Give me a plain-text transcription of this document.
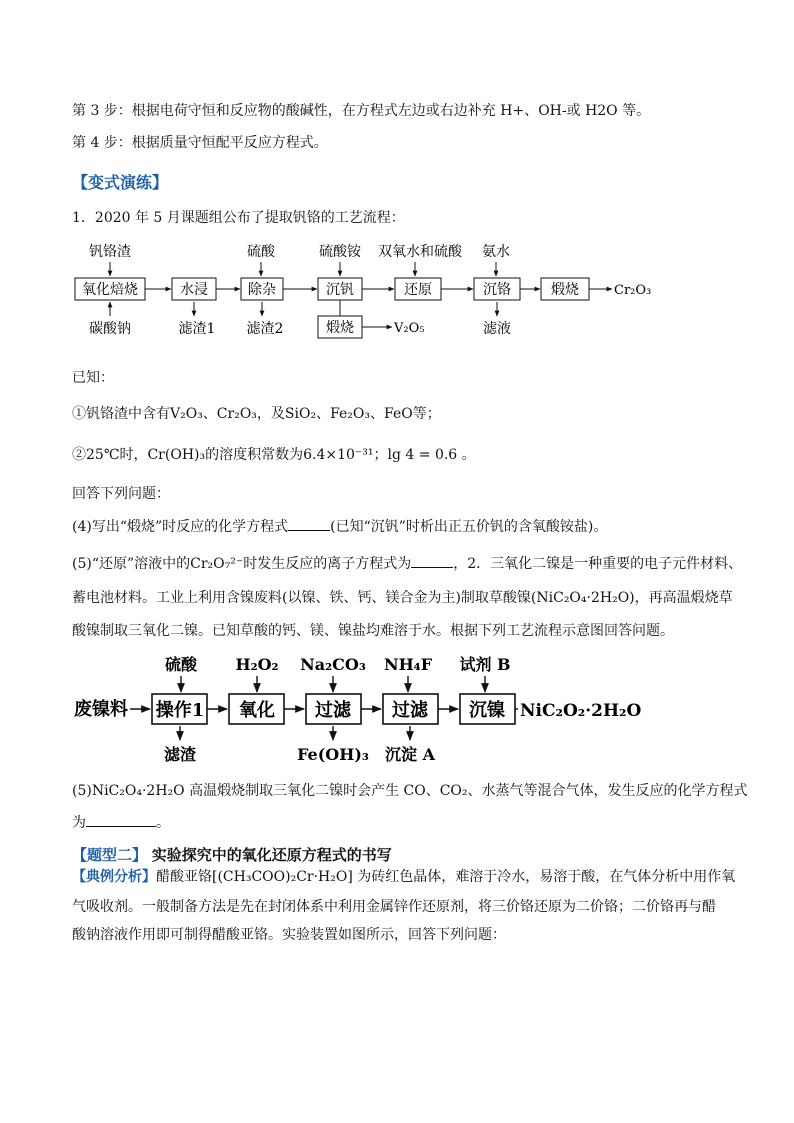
第 3 步：根据电荷守恒和反应物的酸碱性，在方程式左边或右边补充 H+、OH-或 H2O 等。
第 4 步：根据质量守恒配平反应方程式。
【变式演练】
1．2020 年 5 月课题组公布了提取钒铬的工艺流程：
钒铬渣	硫酸	硫酸铵 双氧水和硫酸 氨水
氧化焙烧	水浸	除杂	沉钒	还原	沉铬	煅烧	Cr₂O₃
碳酸钠	滤渣1 滤渣2	煅烧	V₂O₅	滤液
已知：
①钒铬渣中含有V₂O₃、Cr₂O₃，及SiO₂、Fe₂O₃、FeO等；
②25℃时，Cr(OH)₃的溶度积常数为6.4×10⁻³¹；lg 4 = 0.6 。
回答下列问题：
(4)写出“煅烧”时反应的化学方程式	(已知“沉钒”时析出正五价钒的含氧酸铵盐)。
(5)“还原”溶液中的Cr₂O₇²⁻时发生反应的离子方程式为	，2．三氧化二镍是一种重要的电子元件材料、
蓄电池材料。工业上利用含镍废料(以镍、铁、钙、镁合金为主)制取草酸镍(NiC₂O₄·2H₂O)，再高温煅烧草
酸镍制取三氧化二镍。已知草酸的钙、镁、镍盐均难溶于水。根据下列工艺流程示意图回答问题。
硫酸 H₂O₂ Na₂CO₃ NH₄F 试剂 B
废镍料 操作1 氧化 过滤 过滤 沉镍 NiC₂O₂·2H₂O
滤渣	Fe(OH)₃ 沉淀 A
(5)NiC₂O₄·2H₂O 高温煅烧制取三氧化二镍时会产生 CO、CO₂、水蒸气等混合气体，发生反应的化学方程式
为	。
【题型二】 实验探究中的氧化还原方程式的书写
【典例分析】醋酸亚铬[(CH₃COO)₂Cr·H₂O] 为砖红色晶体，难溶于冷水，易溶于酸，在气体分析中用作氧
气吸收剂。一般制备方法是先在封闭体系中利用金属锌作还原剂，将三价铬还原为二价铬；二价铬再与醋
酸钠溶液作用即可制得醋酸亚铬。实验装置如图所示，回答下列问题：
